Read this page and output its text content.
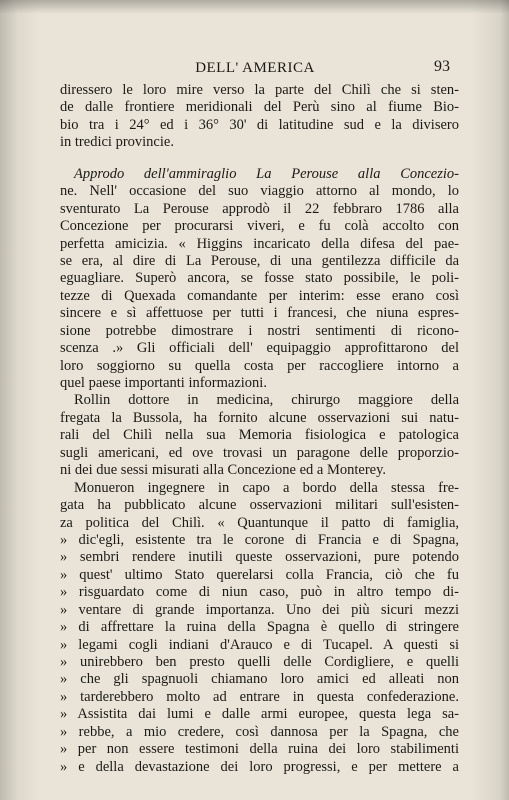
DELL' AMERICA	93
diressero le loro mire verso la parte del Chilì che si sten-
de dalle frontiere meridionali del Perù sino al fiume Bio-
bio tra i 24° ed i 36° 30' di latitudine sud e la divisero
in tredici provincie.
Approdo dell'ammiraglio La Perouse alla Concezio-
ne. Nell' occasione del suo viaggio attorno al mondo, lo
sventurato La Perouse approdò il 22 febbraro 1786 alla
Concezione per procurarsi viveri, e fu colà accolto con
perfetta amicizia. « Higgins incaricato della difesa del pae-
se era, al dire di La Perouse, di una gentilezza difficile da
eguagliare. Superò ancora, se fosse stato possibile, le poli-
tezze di Quexada comandante per interim: esse erano così
sincere e sì affettuose per tutti i francesi, che niuna espres-
sione potrebbe dimostrare i nostri sentimenti di ricono-
scenza .» Gli officiali dell' equipaggio approfittarono del
loro soggiorno su quella costa per raccogliere intorno a
quel paese importanti informazioni.
Rollin dottore in medicina, chirurgo maggiore della
fregata la Bussola, ha fornito alcune osservazioni sui natu-
rali del Chilì nella sua Memoria fisiologica e patologica
sugli americani, ed ove trovasi un paragone delle proporzio-
ni dei due sessi misurati alla Concezione ed a Monterey.
Monueron ingegnere in capo a bordo della stessa fre-
gata ha pubblicato alcune osservazioni militari sull'esisten-
za politica del Chilì. « Quantunque il patto di famiglia,
» dic'egli, esistente tra le corone di Francia e di Spagna,
» sembri rendere inutili queste osservazioni, pure potendo
» quest' ultimo Stato querelarsi colla Francia, ciò che fu
» risguardato come di niun caso, può in altro tempo di-
» ventare di grande importanza. Uno dei più sicuri mezzi
» di affrettare la ruina della Spagna è quello di stringere
» legami cogli indiani d'Arauco e di Tucapel. A questi si
» unirebbero ben presto quelli delle Cordigliere, e quelli
» che gli spagnuoli chiamano loro amici ed alleati non
» tarderebbero molto ad entrare in questa confederazione.
» Assistita dai lumi e dalle armi europee, questa lega sa-
» rebbe, a mio credere, così dannosa per la Spagna, che
» per non essere testimoni della ruina dei loro stabilimenti
» e della devastazione dei loro progressi, e per mettere a
